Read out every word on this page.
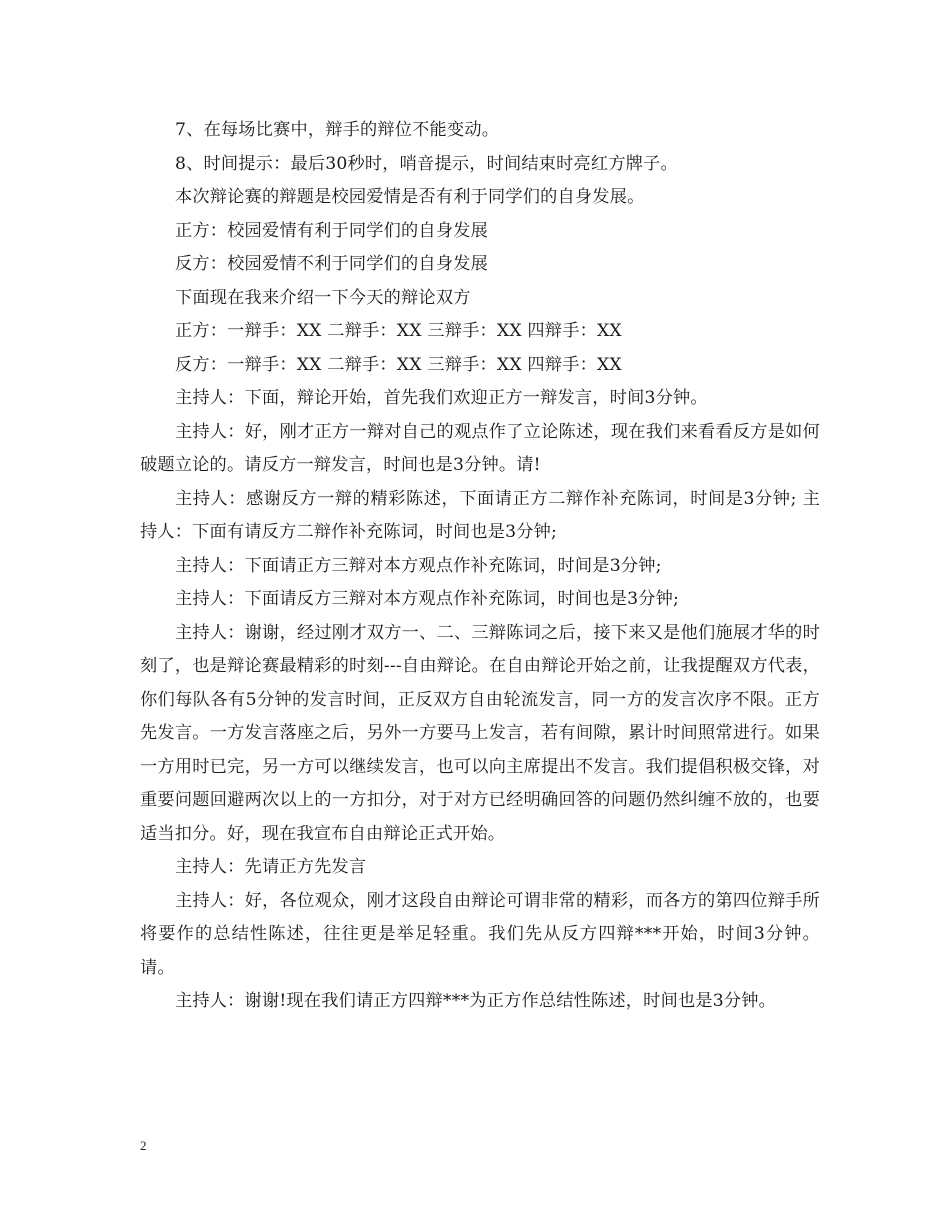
7、在每场比赛中，辩手的辩位不能变动。

8、时间提示：最后30秒时，哨音提示，时间结束时亮红方牌子。

本次辩论赛的辩题是校园爱情是否有利于同学们的自身发展。

正方：校园爱情有利于同学们的自身发展

反方：校园爱情不利于同学们的自身发展

下面现在我来介绍一下今天的辩论双方

正方：一辩手：XX 二辩手：XX 三辩手：XX 四辩手：XX

反方：一辩手：XX 二辩手：XX 三辩手：XX 四辩手：XX

主持人：下面，辩论开始，首先我们欢迎正方一辩发言，时间3分钟。

主持人：好，刚才正方一辩对自己的观点作了立论陈述，现在我们来看看反方是如何破题立论的。请反方一辩发言，时间也是3分钟。请!

主持人：感谢反方一辩的精彩陈述，下面请正方二辩作补充陈词，时间是3分钟; 主持人：下面有请反方二辩作补充陈词，时间也是3分钟;

主持人：下面请正方三辩对本方观点作补充陈词，时间是3分钟;

主持人：下面请反方三辩对本方观点作补充陈词，时间也是3分钟;

主持人：谢谢，经过刚才双方一、二、三辩陈词之后，接下来又是他们施展才华的时刻了，也是辩论赛最精彩的时刻---自由辩论。在自由辩论开始之前，让我提醒双方代表，你们每队各有5分钟的发言时间，正反双方自由轮流发言，同一方的发言次序不限。正方先发言。一方发言落座之后，另外一方要马上发言，若有间隙，累计时间照常进行。如果一方用时已完，另一方可以继续发言，也可以向主席提出不发言。我们提倡积极交锋，对重要问题回避两次以上的一方扣分，对于对方已经明确回答的问题仍然纠缠不放的，也要适当扣分。好，现在我宣布自由辩论正式开始。

主持人：先请正方先发言

主持人：好，各位观众，刚才这段自由辩论可谓非常的精彩，而各方的第四位辩手所将要作的总结性陈述，往往更是举足轻重。我们先从反方四辩***开始，时间3分钟。请。

主持人：谢谢!现在我们请正方四辩***为正方作总结性陈述，时间也是3分钟。

2
